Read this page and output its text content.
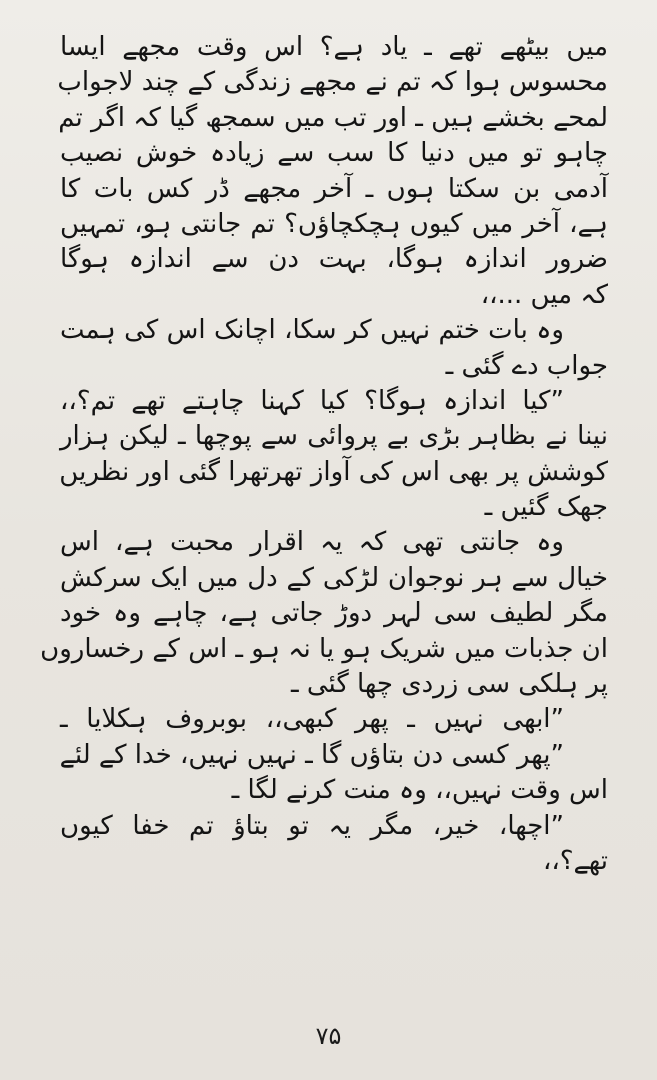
میں بیٹھے تھے ـ یاد ہے؟ اس وقت مجھے ایسا
محسوس ہوا کہ تم نے مجھے زندگی کے چند لاجواب
لمحے بخشے ہیں ـ اور تب میں سمجھ گیا کہ اگر تم
چاہو تو میں دنیا کا سب سے زیادہ خوش نصیب
آدمی بن سکتا ہوں ـ آخر مجھے ڈر کس بات کا
ہے، آخر میں کیوں ہچکچاؤں؟ تم جانتی ہو، تمہیں
ضرور اندازہ ہوگا، بہت دن سے اندازہ ہوگا
کہ میں ...،،
وہ بات ختم نہیں کر سکا، اچانک اس کی ہمت
جواب دے گئی ـ
”کیا اندازہ ہوگا؟ کیا کہنا چاہتے تھے تم؟،،
نینا نے بظاہر بڑی بے پروائی سے پوچھا ـ لیکن ہزار
کوشش پر بھی اس کی آواز تھرتھرا گئی اور نظریں
جھک گئیں ـ
وہ جانتی تھی کہ یہ اقرار محبت ہے، اس
خیال سے ہر نوجوان لڑکی کے دل میں ایک سرکش
مگر لطیف سی لہر دوڑ جاتی ہے، چاہے وہ خود
ان جذبات میں شریک ہو یا نہ ہو ـ اس کے رخساروں
پر ہلکی سی زردی چھا گئی ـ
”ابھی نہیں ـ پھر کبھی،، بوبروف ہکلایا ـ
”پھر کسی دن بتاؤں گا ـ نہیں نہیں، خدا کے لئے
اس وقت نہیں،، وہ منت کرنے لگا ـ
”اچھا، خیر، مگر یہ تو بتاؤ تم خفا کیوں
تھے؟،،
۷۵
